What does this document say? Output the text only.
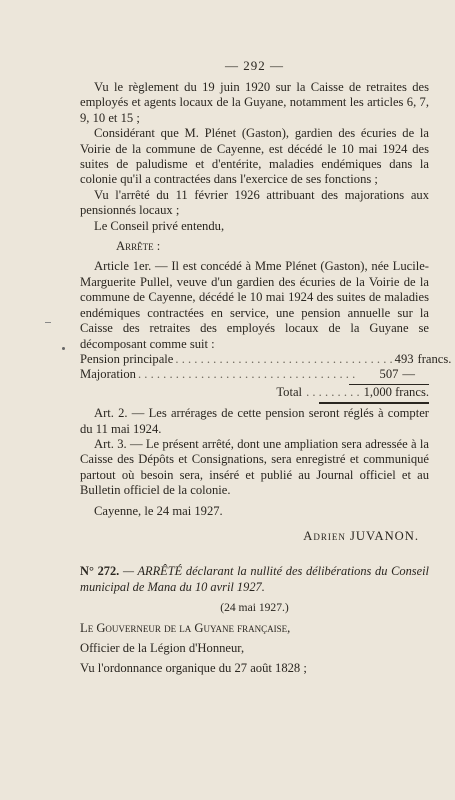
— 292 —

Vu le règlement du 19 juin 1920 sur la Caisse de retraites des employés et agents locaux de la Guyane, notamment les articles 6, 7, 9, 10 et 15 ;

Considérant que M. Plénet (Gaston), gardien des écuries de la Voirie de la commune de Cayenne, est décédé le 10 mai 1924 des suites de paludisme et d'entérite, maladies endémiques dans la colonie qu'il a contractées dans l'exercice de ses fonctions ;

Vu l'arrêté du 11 février 1926 attribuant des majorations aux pensionnés locaux ;

Le Conseil privé entendu,

Arrête :

Article 1er. — Il est concédé à Mme Plénet (Gaston), née Lucile-Marguerite Pullel, veuve d'un gardien des écuries de la Voirie de la commune de Cayenne, décédé le 10 mai 1924 des suites de maladies endémiques contractées en service, une pension annuelle sur la Caisse des retraites des employés locaux de la Guyane se décomposant comme suit :

Pension principale . . . . . . . . . . . . . . . . . . . . . . . . . . . . . . . . . . . 493 francs.
Majoration . . . . . . . . . . . . . . . . . . . . . . . . . . . . . . . . . . .	507 —
Total . . . . . . . . . 1,000 francs.

Art. 2. — Les arrérages de cette pension seront réglés à compter du 11 mai 1924.

Art. 3. — Le présent arrêté, dont une ampliation sera adressée à la Caisse des Dépôts et Consignations, sera enregistré et communiqué partout où besoin sera, inséré et publié au Journal officiel et au Bulletin officiel de la colonie.

Cayenne, le 24 mai 1927.

Adrien JUVANON.

N° 272. — ARRÊTÉ déclarant la nullité des délibérations du Conseil municipal de Mana du 10 avril 1927.

(24 mai 1927.)

Le Gouverneur de la Guyane française,

Officier de la Légion d'Honneur,

Vu l'ordonnance organique du 27 août 1828 ;
